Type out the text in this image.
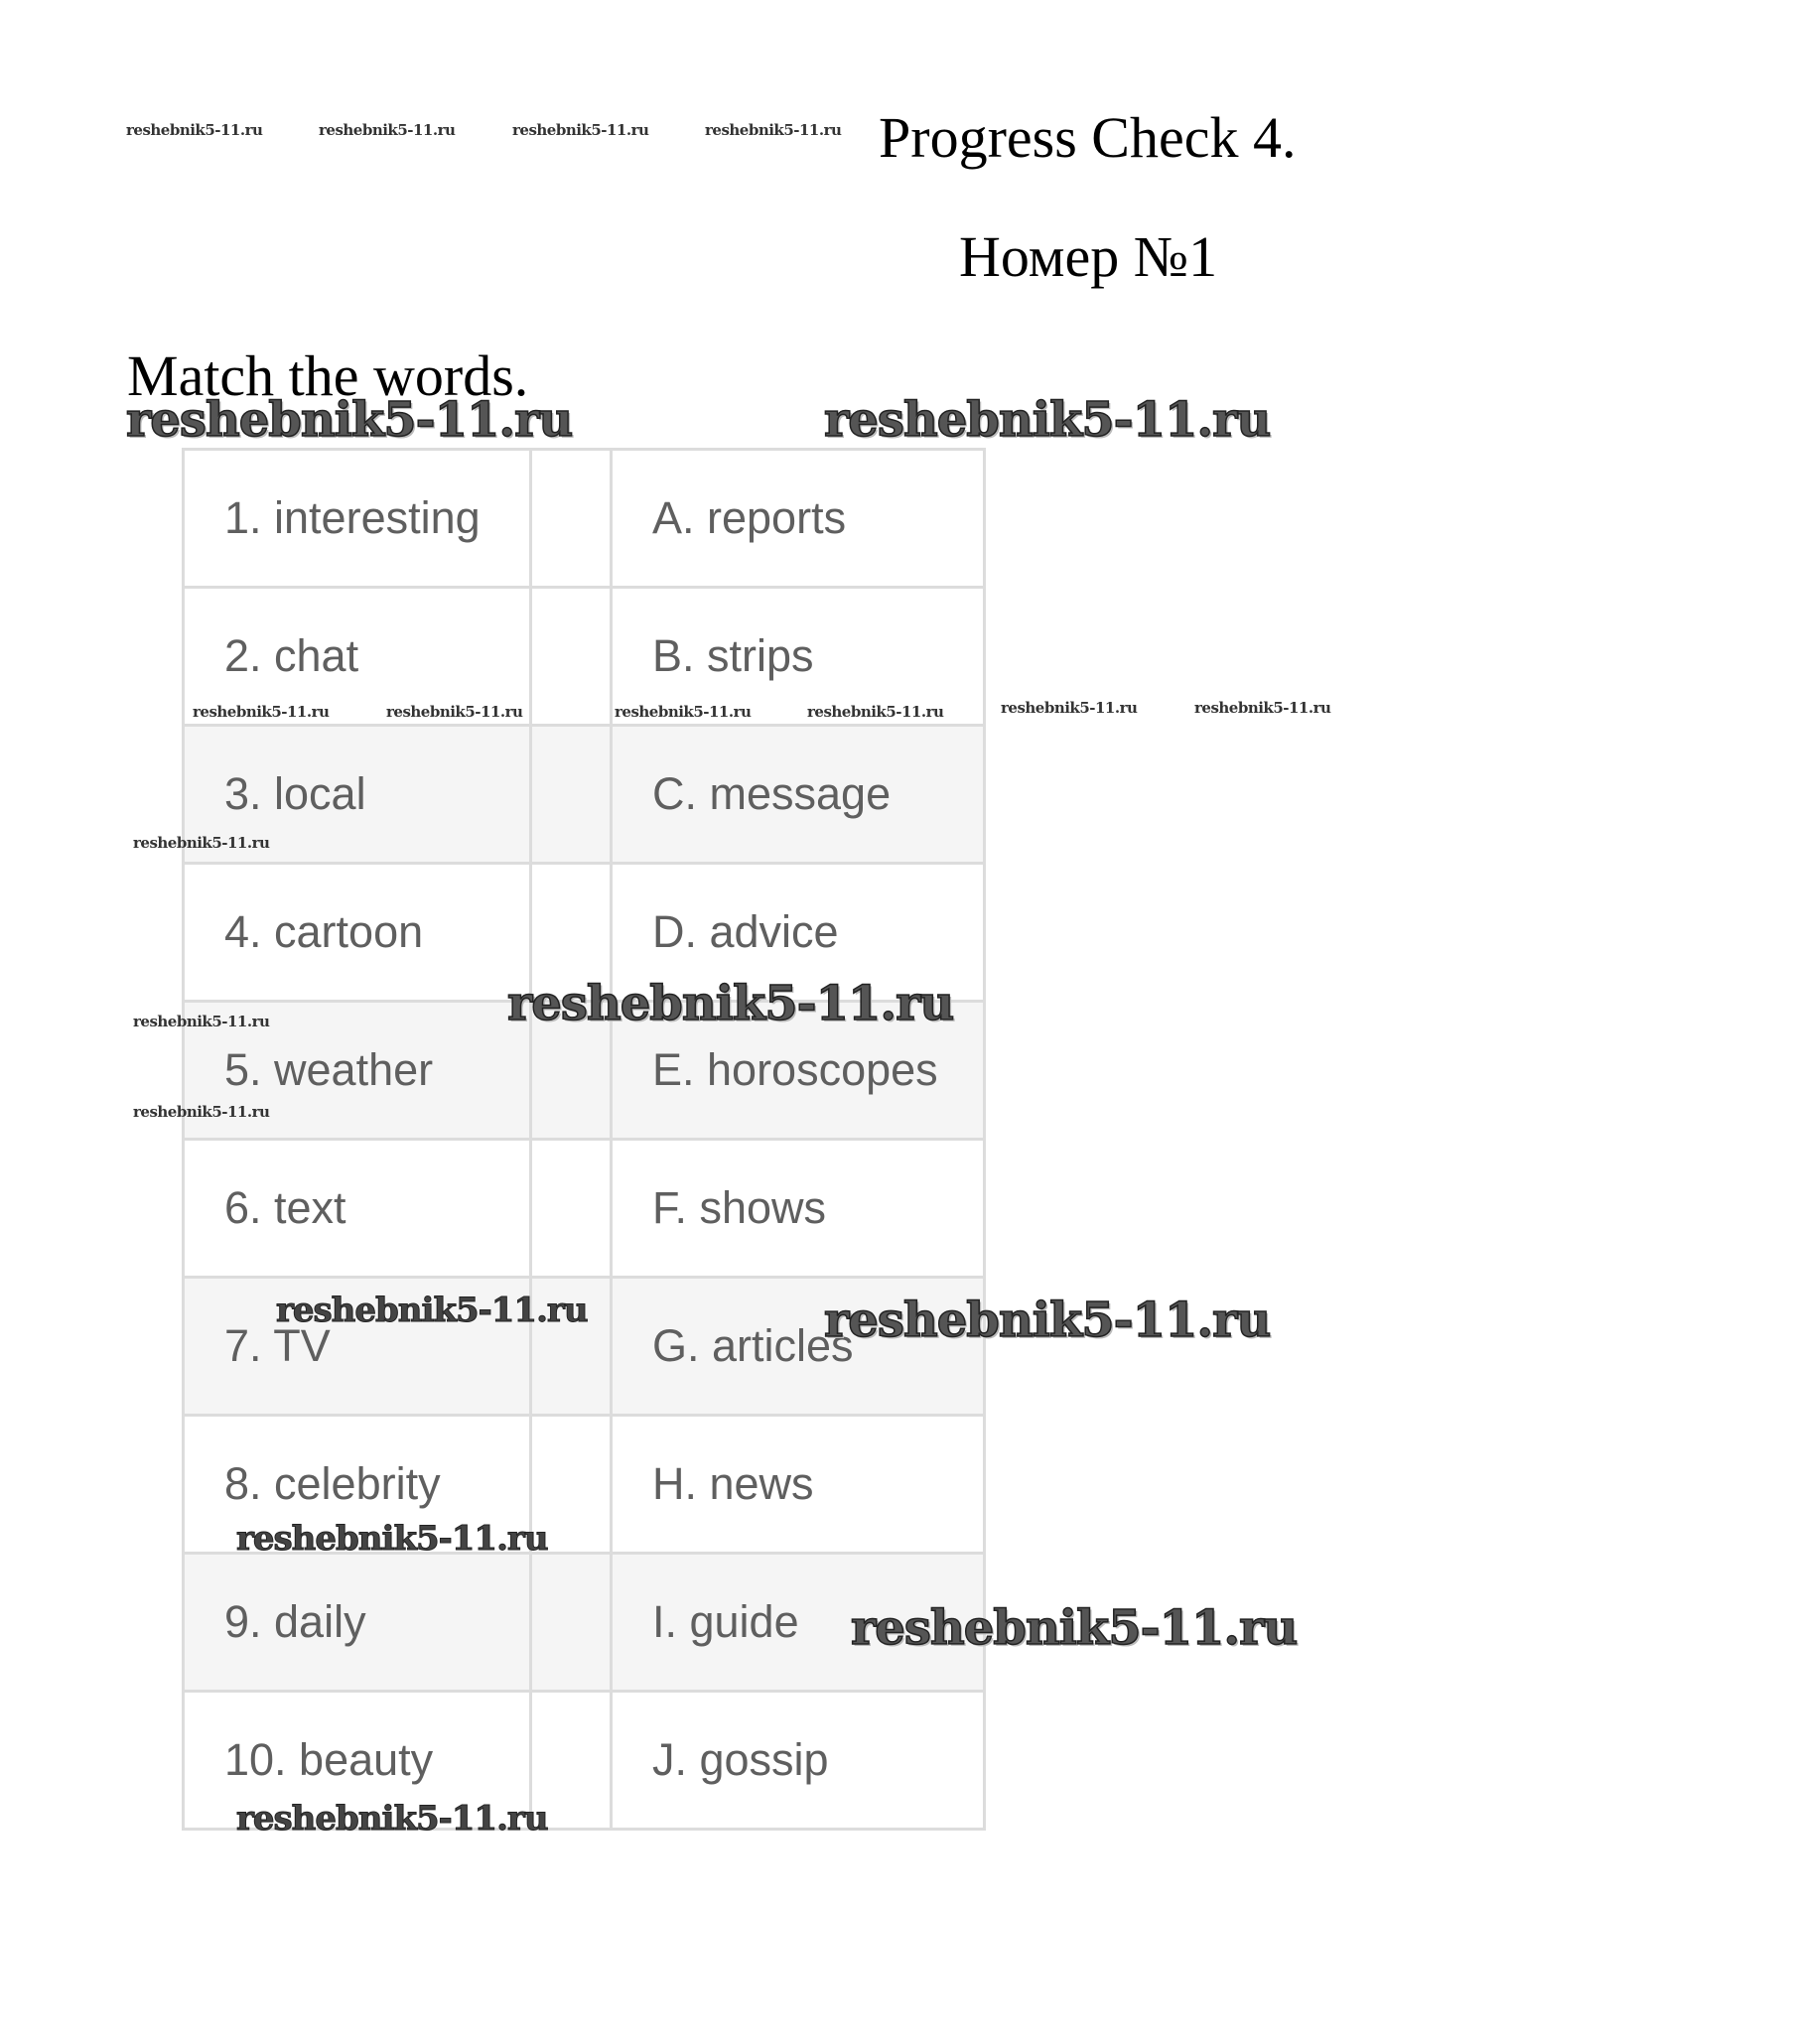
Progress Check 4.
Номер №1
Match the words.
1. interesting		A. reports
2. chat		B. strips
3. local		C. message
4. cartoon		D. advice
5. weather		E. horoscopes
6. text		F. shows
7. TV		G. articles
8. celebrity		H. news
9. daily		I. guide
10. beauty		J. gossip
reshebnik5-11.ru	reshebnik5-11.ru	reshebnik5-11.ru	reshebnik5-11.ru
reshebnik5-11.ru	reshebnik5-11.ru
reshebnik5-11.ru	reshebnik5-11.ru	reshebnik5-11.ru	reshebnik5-11.ru	reshebnik5-11.ru	reshebnik5-11.ru
reshebnik5-11.ru
reshebnik5-11.ru
reshebnik5-11.ru
reshebnik5-11.ru
reshebnik5-11.ru	reshebnik5-11.ru
reshebnik5-11.ru
reshebnik5-11.ru
reshebnik5-11.ru
